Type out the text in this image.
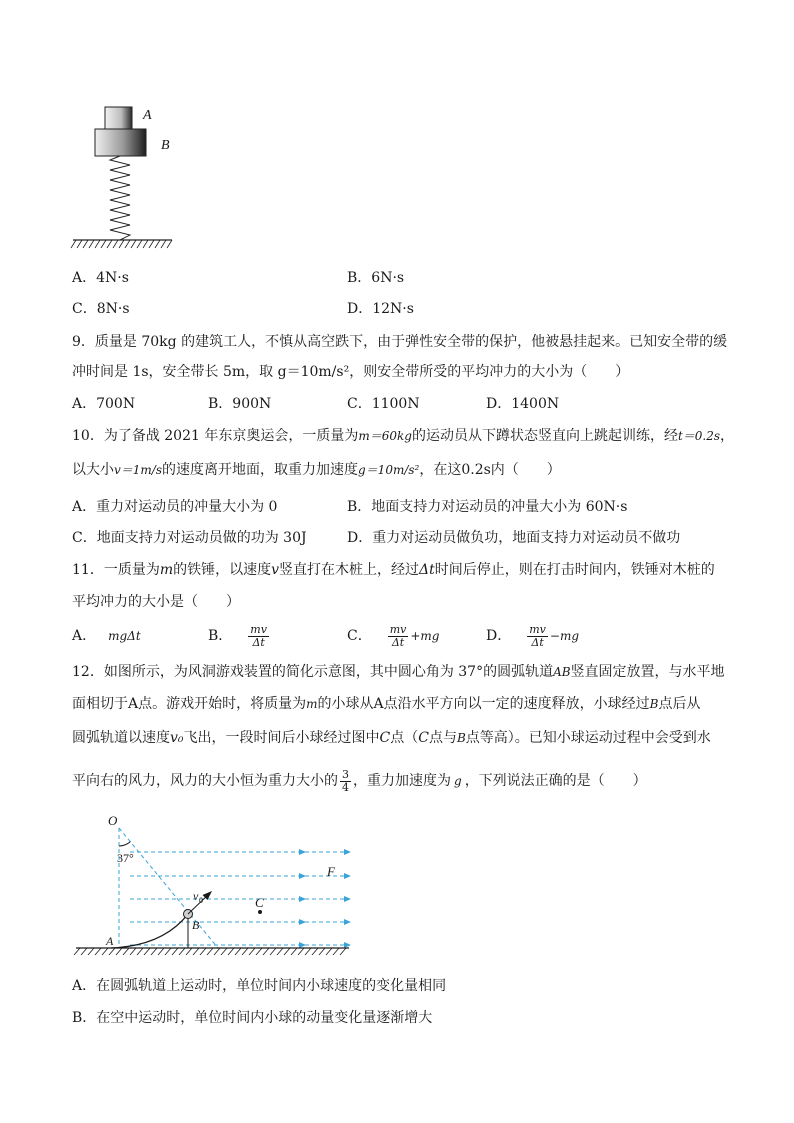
A
B
A．4N·s	B．6N·s
C．8N·s	D．12N·s
9．质量是 70kg 的建筑工人，不慎从高空跌下，由于弹性安全带的保护，他被悬挂起来。已知安全带的缓
冲时间是 1s，安全带长 5m，取 g＝10m/s²，则安全带所受的平均冲力的大小为（　　）
A．700N	B．900N	C．1100N	D．1400N
10．为了备战 2021 年东京奥运会，一质量为m＝60kg的运动员从下蹲状态竖直向上跳起训练，经t＝0.2s，
以大小v＝1m/s的速度离开地面，取重力加速度g＝10m/s²，在这0.2s内（　　）
A．重力对运动员的冲量大小为 0	B．地面支持力对运动员的冲量大小为 60N·s
C．地面支持力对运动员做的功为 30J	D．重力对运动员做负功，地面支持力对运动员不做功
11．一质量为m的铁锤，以速度v竖直打在木桩上，经过Δt时间后停止，则在打击时间内，铁锤对木桩的
平均冲力的大小是（　　）
A． mgΔt	B． $\frac{mv}{\Delta t}$	C． $\frac{mv}{\Delta t} +mg$	D． $\frac{mv}{\Delta t} -mg$
12．如图所示，为风洞游戏装置的简化示意图，其中圆心角为 37°的圆弧轨道AB竖直固定放置，与水平地
面相切于A点。游戏开始时，将质量为m的小球从A点沿水平方向以一定的速度释放，小球经过B点后从
圆弧轨道以速度v₀飞出，一段时间后小球经过图中C点（C点与B点等高）。已知小球运动过程中会受到水
平向右的风力，风力的大小恒为重力大小的 $\frac{3}{4}$ ，重力加速度为 g ，下列说法正确的是（　　）
O
37°
F
v 0	C
B
A
A．在圆弧轨道上运动时，单位时间内小球速度的变化量相同
B．在空中运动时，单位时间内小球的动量变化量逐渐增大
